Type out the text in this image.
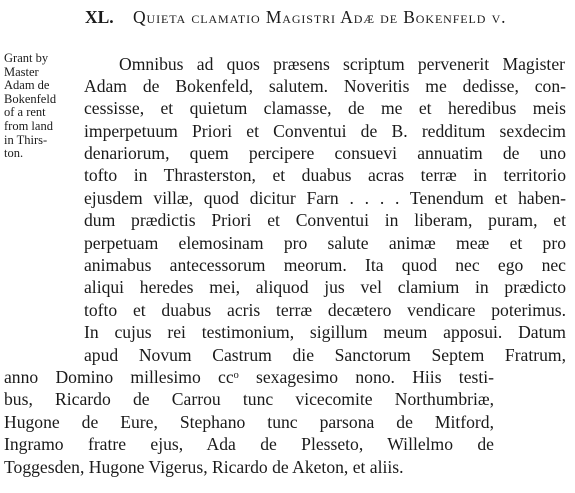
XL. Quieta clamatio Magistri Adæ de Bokenfeld v.
Grant by
Master
Adam de
Bokenfeld
of a rent
from land
in Thirs-
ton.
Omnibus ad quos præsens scriptum pervenerit Magister
Adam de Bokenfeld, salutem. Noveritis me dedisse, con-
cessisse, et quietum clamasse, de me et heredibus meis
imperpetuum Priori et Conventui de B. redditum sexdecim
denariorum, quem percipere consuevi annuatim de uno
tofto in Thrasterston, et duabus acras terræ in territorio
ejusdem villæ, quod dicitur Farn . . . . Tenendum et haben-
dum prædictis Priori et Conventui in liberam, puram, et
perpetuam elemosinam pro salute animæ meæ et pro
animabus antecessorum meorum. Ita quod nec ego nec
aliqui heredes mei, aliquod jus vel clamium in prædicto
tofto et duabus acris terræ decætero vendicare poterimus.
In cujus rei testimonium, sigillum meum apposui. Datum
apud Novum Castrum die Sanctorum Septem Fratrum,
anno Domino millesimo ccᵒ sexagesimo nono. Hiis testi-
bus, Ricardo de Carrou tunc vicecomite Northumbriæ,
Hugone de Eure, Stephano tunc parsona de Mitford,
Ingramo fratre ejus, Ada de Plesseto, Willelmo de
Toggesden, Hugone Vigerus, Ricardo de Aketon, et aliis.
